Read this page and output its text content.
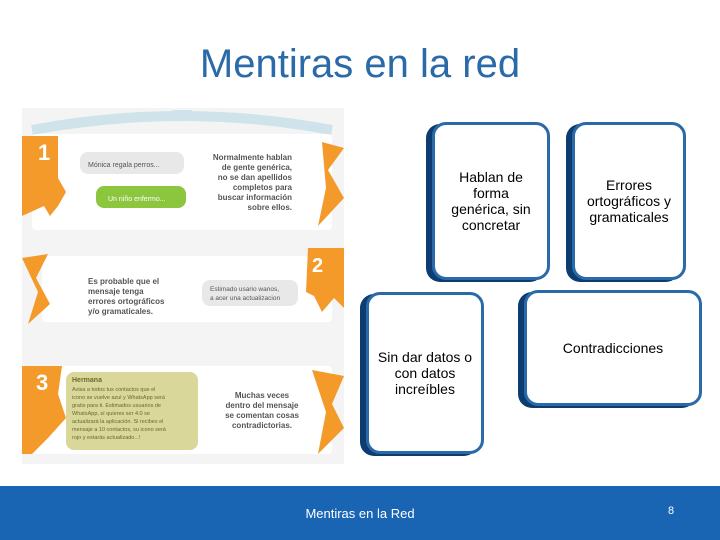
Mentiras en la red
1
Mónica regala perros...
Un niño enfermo...
Normalmente hablan
de gente genérica,
no se dan apellidos
completos para
buscar información
sobre ellos.
2
Es probable que el
mensaje tenga
errores ortográficos
y/o gramaticales.
Estimado usario wanos,
a acer una actualizacion
3	Hermana
Avisa a todos tus contactos que el
icono se vuelve azul y WhatsApp será
gratis para ti. Estimados usuarios de
WhatsApp, sí quieres ser 4.0 se
actualizará la aplicación. Si recibes el
mensaje a 10 contactos, su icono será
rojo y estarás actualizado...!
Muchas veces
dentro del mensaje
se comentan cosas
contradictorias.
Hablan de forma genérica, sin concretar
Errores ortográficos y gramaticales
Sin dar datos o con datos increíbles
Contradicciones
Mentiras en la Red	8
